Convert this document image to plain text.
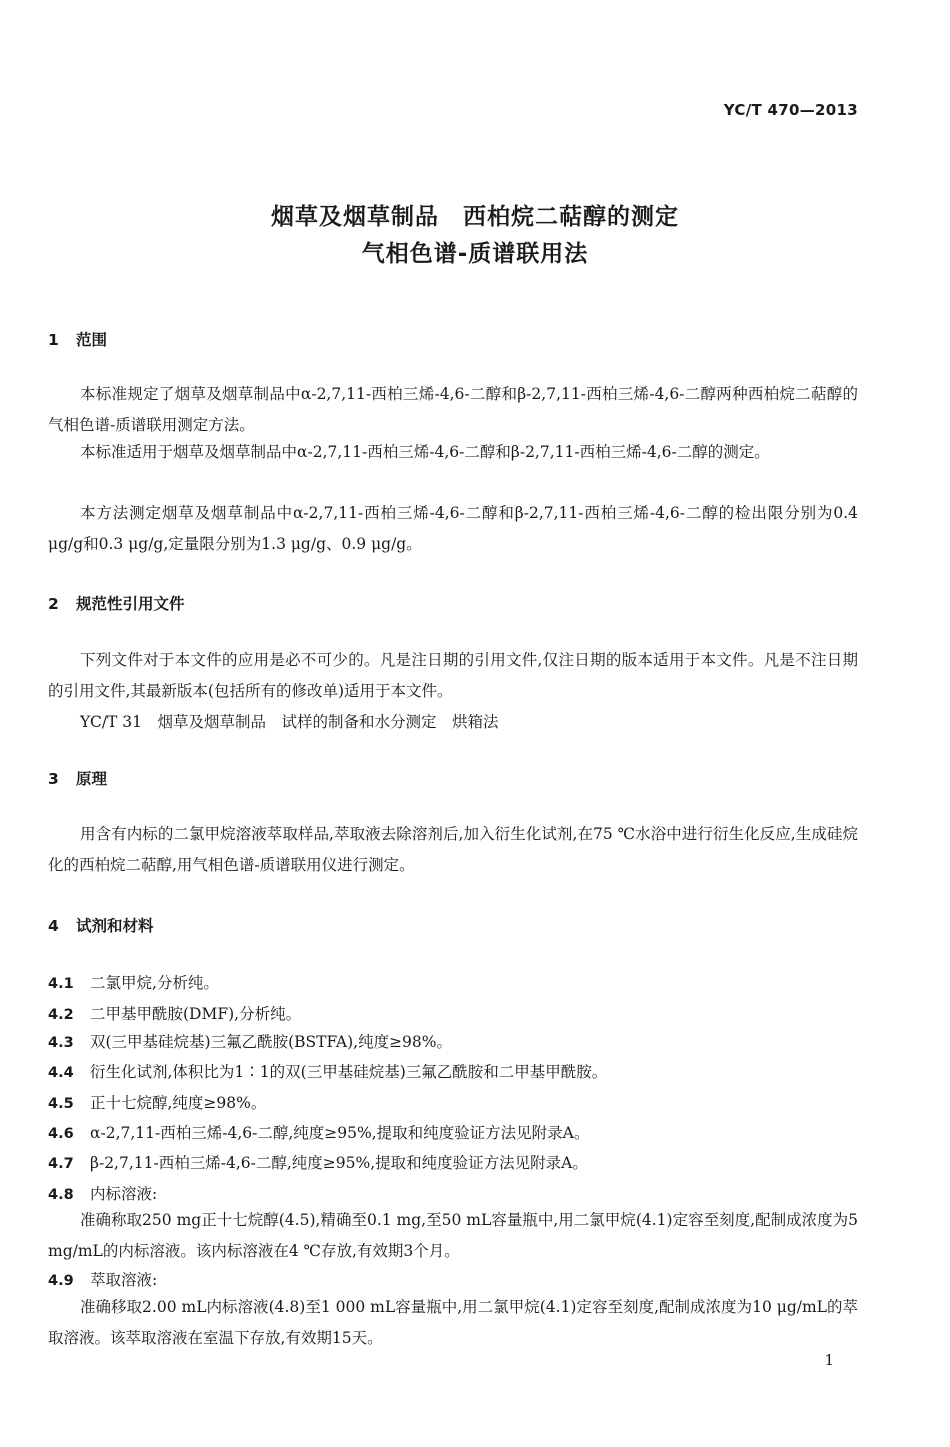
YC/T 470—2013
烟草及烟草制品　西柏烷二萜醇的测定
气相色谱-质谱联用法
1 范围
本标准规定了烟草及烟草制品中α-2,7,11-西柏三烯-4,6-二醇和β-2,7,11-西柏三烯-4,6-二醇两种西柏烷二萜醇的气相色谱-质谱联用测定方法。
本标准适用于烟草及烟草制品中α-2,7,11-西柏三烯-4,6-二醇和β-2,7,11-西柏三烯-4,6-二醇的测定。
本方法测定烟草及烟草制品中α-2,7,11-西柏三烯-4,6-二醇和β-2,7,11-西柏三烯-4,6-二醇的检出限分别为0.4 μg/g和0.3 μg/g,定量限分别为1.3 μg/g、0.9 μg/g。
2 规范性引用文件
下列文件对于本文件的应用是必不可少的。凡是注日期的引用文件,仅注日期的版本适用于本文件。凡是不注日期的引用文件,其最新版本(包括所有的修改单)适用于本文件。
YC/T 31　烟草及烟草制品　试样的制备和水分测定　烘箱法
3 原理
用含有内标的二氯甲烷溶液萃取样品,萃取液去除溶剂后,加入衍生化试剂,在75 ℃水浴中进行衍生化反应,生成硅烷化的西柏烷二萜醇,用气相色谱-质谱联用仪进行测定。
4 试剂和材料
4.1 二氯甲烷,分析纯。
4.2 二甲基甲酰胺(DMF),分析纯。
4.3 双(三甲基硅烷基)三氟乙酰胺(BSTFA),纯度≥98%。
4.4 衍生化试剂,体积比为1∶1的双(三甲基硅烷基)三氟乙酰胺和二甲基甲酰胺。
4.5 正十七烷醇,纯度≥98%。
4.6 α-2,7,11-西柏三烯-4,6-二醇,纯度≥95%,提取和纯度验证方法见附录A。
4.7 β-2,7,11-西柏三烯-4,6-二醇,纯度≥95%,提取和纯度验证方法见附录A。
4.8 内标溶液:
准确称取250 mg正十七烷醇(4.5),精确至0.1 mg,至50 mL容量瓶中,用二氯甲烷(4.1)定容至刻度,配制成浓度为5 mg/mL的内标溶液。该内标溶液在4 ℃存放,有效期3个月。
4.9 萃取溶液:
准确移取2.00 mL内标溶液(4.8)至1 000 mL容量瓶中,用二氯甲烷(4.1)定容至刻度,配制成浓度为10 μg/mL的萃取溶液。该萃取溶液在室温下存放,有效期15天。
1
